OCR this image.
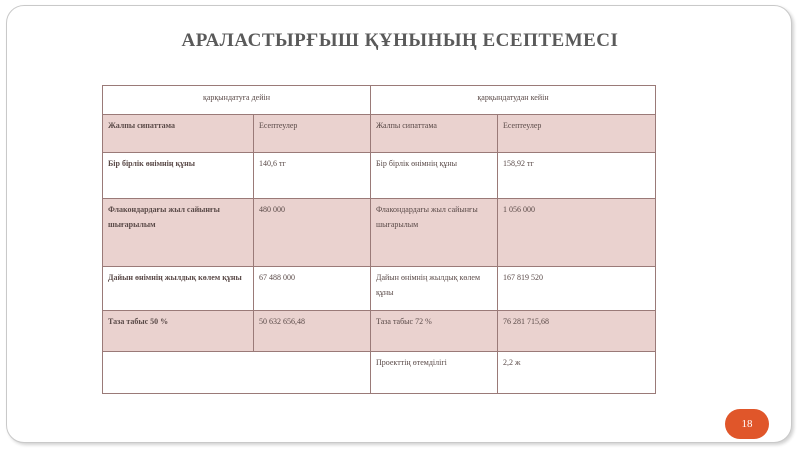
АРАЛАСТЫРҒЫШ ҚҰНЫНЫҢ ЕСЕПТЕМЕСІ
қарқындатуға дейін		қарқындатудан кейін	
Жалпы сипаттама	Есептеулер	Жалпы сипаттама	Есептеулер
Бір бірлік өнімнің құны	140,6 тг	Бір бірлік өнімнің құны	158,92 тг
Флакондардағы жыл сайынғы шығарылым	480 000	Флакондардағы жыл сайынғы шығарылым	1 056 000
Дайын өнімнің жылдық көлем құны	67 488 000	Дайын өнімнің жылдық көлем құны	167 819 520
Таза табыс 50 %	50 632 656,48	Таза табыс 72 %	76 281 715,68
		Проекттің өтемділігі	2,2 ж
18
